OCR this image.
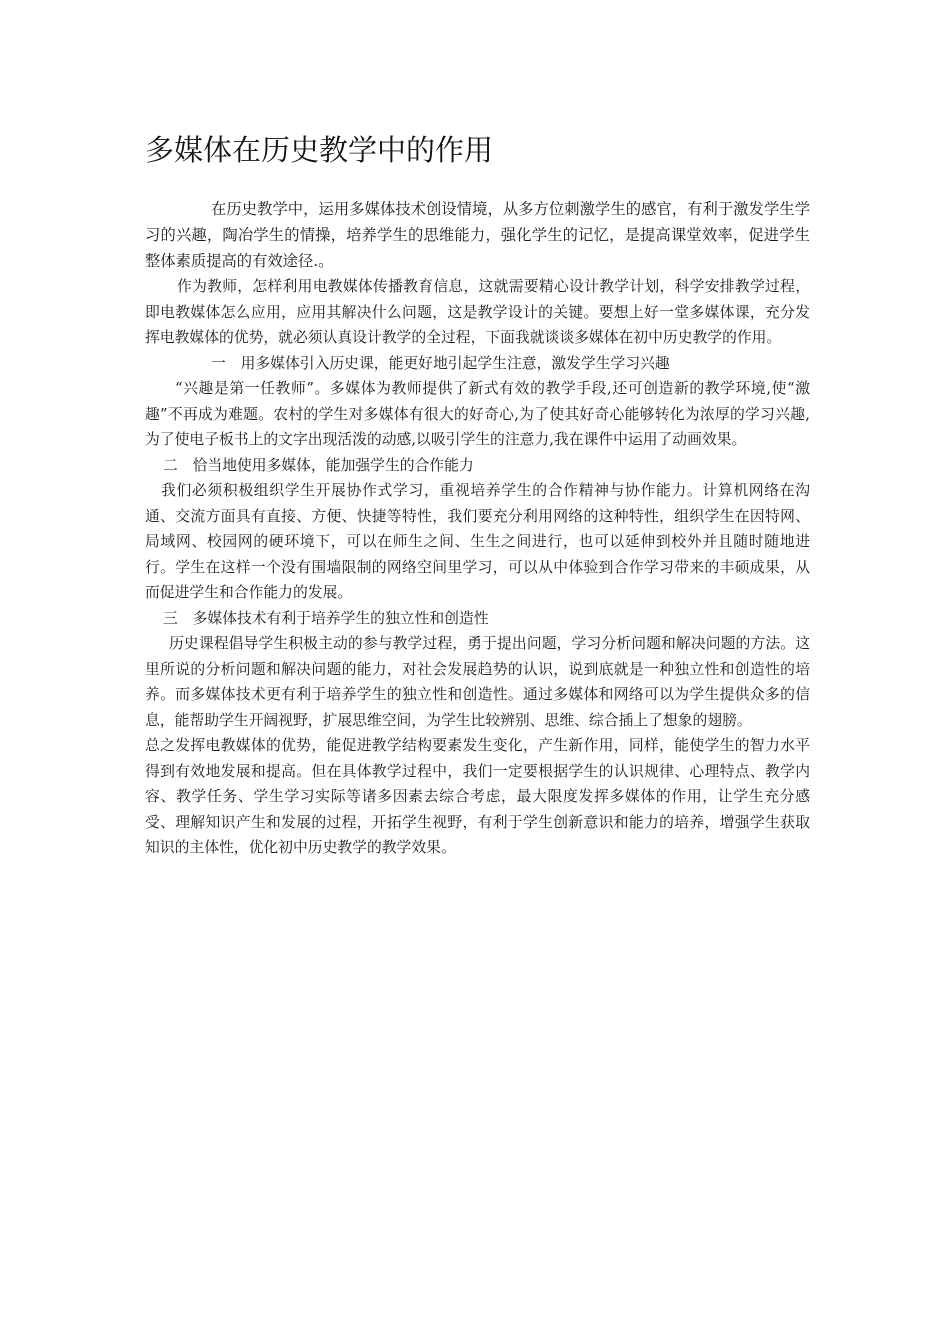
多媒体在历史教学中的作用

在历史教学中，运用多媒体技术创设情境，从多方位刺激学生的感官，有利于激发学生学习的兴趣，陶冶学生的情操，培养学生的思维能力，强化学生的记忆，是提高课堂效率，促进学生整体素质提高的有效途径.。

作为教师，怎样利用电教媒体传播教育信息，这就需要精心设计教学计划，科学安排教学过程，即电教媒体怎么应用，应用其解决什么问题，这是教学设计的关键。要想上好一堂多媒体课，充分发挥电教媒体的优势，就必须认真设计教学的全过程，下面我就谈谈多媒体在初中历史教学的作用。

一　用多媒体引入历史课，能更好地引起学生注意，激发学生学习兴趣

“兴趣是第一任教师”。多媒体为教师提供了新式有效的教学手段,还可创造新的教学环境,使“激趣”不再成为难题。农村的学生对多媒体有很大的好奇心,为了使其好奇心能够转化为浓厚的学习兴趣,为了使电子板书上的文字出现活泼的动感,以吸引学生的注意力,我在课件中运用了动画效果。

二　恰当地使用多媒体，能加强学生的合作能力

我们必须积极组织学生开展协作式学习，重视培养学生的合作精神与协作能力。计算机网络在沟通、交流方面具有直接、方便、快捷等特性，我们要充分利用网络的这种特性，组织学生在因特网、局域网、校园网的硬环境下，可以在师生之间、生生之间进行，也可以延伸到校外并且随时随地进行。学生在这样一个没有围墙限制的网络空间里学习，可以从中体验到合作学习带来的丰硕成果，从而促进学生和合作能力的发展。

三　多媒体技术有利于培养学生的独立性和创造性

历史课程倡导学生积极主动的参与教学过程，勇于提出问题，学习分析问题和解决问题的方法。这里所说的分析问题和解决问题的能力，对社会发展趋势的认识，说到底就是一种独立性和创造性的培养。而多媒体技术更有利于培养学生的独立性和创造性。通过多媒体和网络可以为学生提供众多的信息，能帮助学生开阔视野，扩展思维空间，为学生比较辨别、思维、综合插上了想象的翅膀。

总之发挥电教媒体的优势，能促进教学结构要素发生变化，产生新作用，同样，能使学生的智力水平得到有效地发展和提高。但在具体教学过程中，我们一定要根据学生的认识规律、心理特点、教学内容、教学任务、学生学习实际等诸多因素去综合考虑，最大限度发挥多媒体的作用，让学生充分感受、理解知识产生和发展的过程，开拓学生视野，有利于学生创新意识和能力的培养，增强学生获取知识的主体性，优化初中历史教学的教学效果。
